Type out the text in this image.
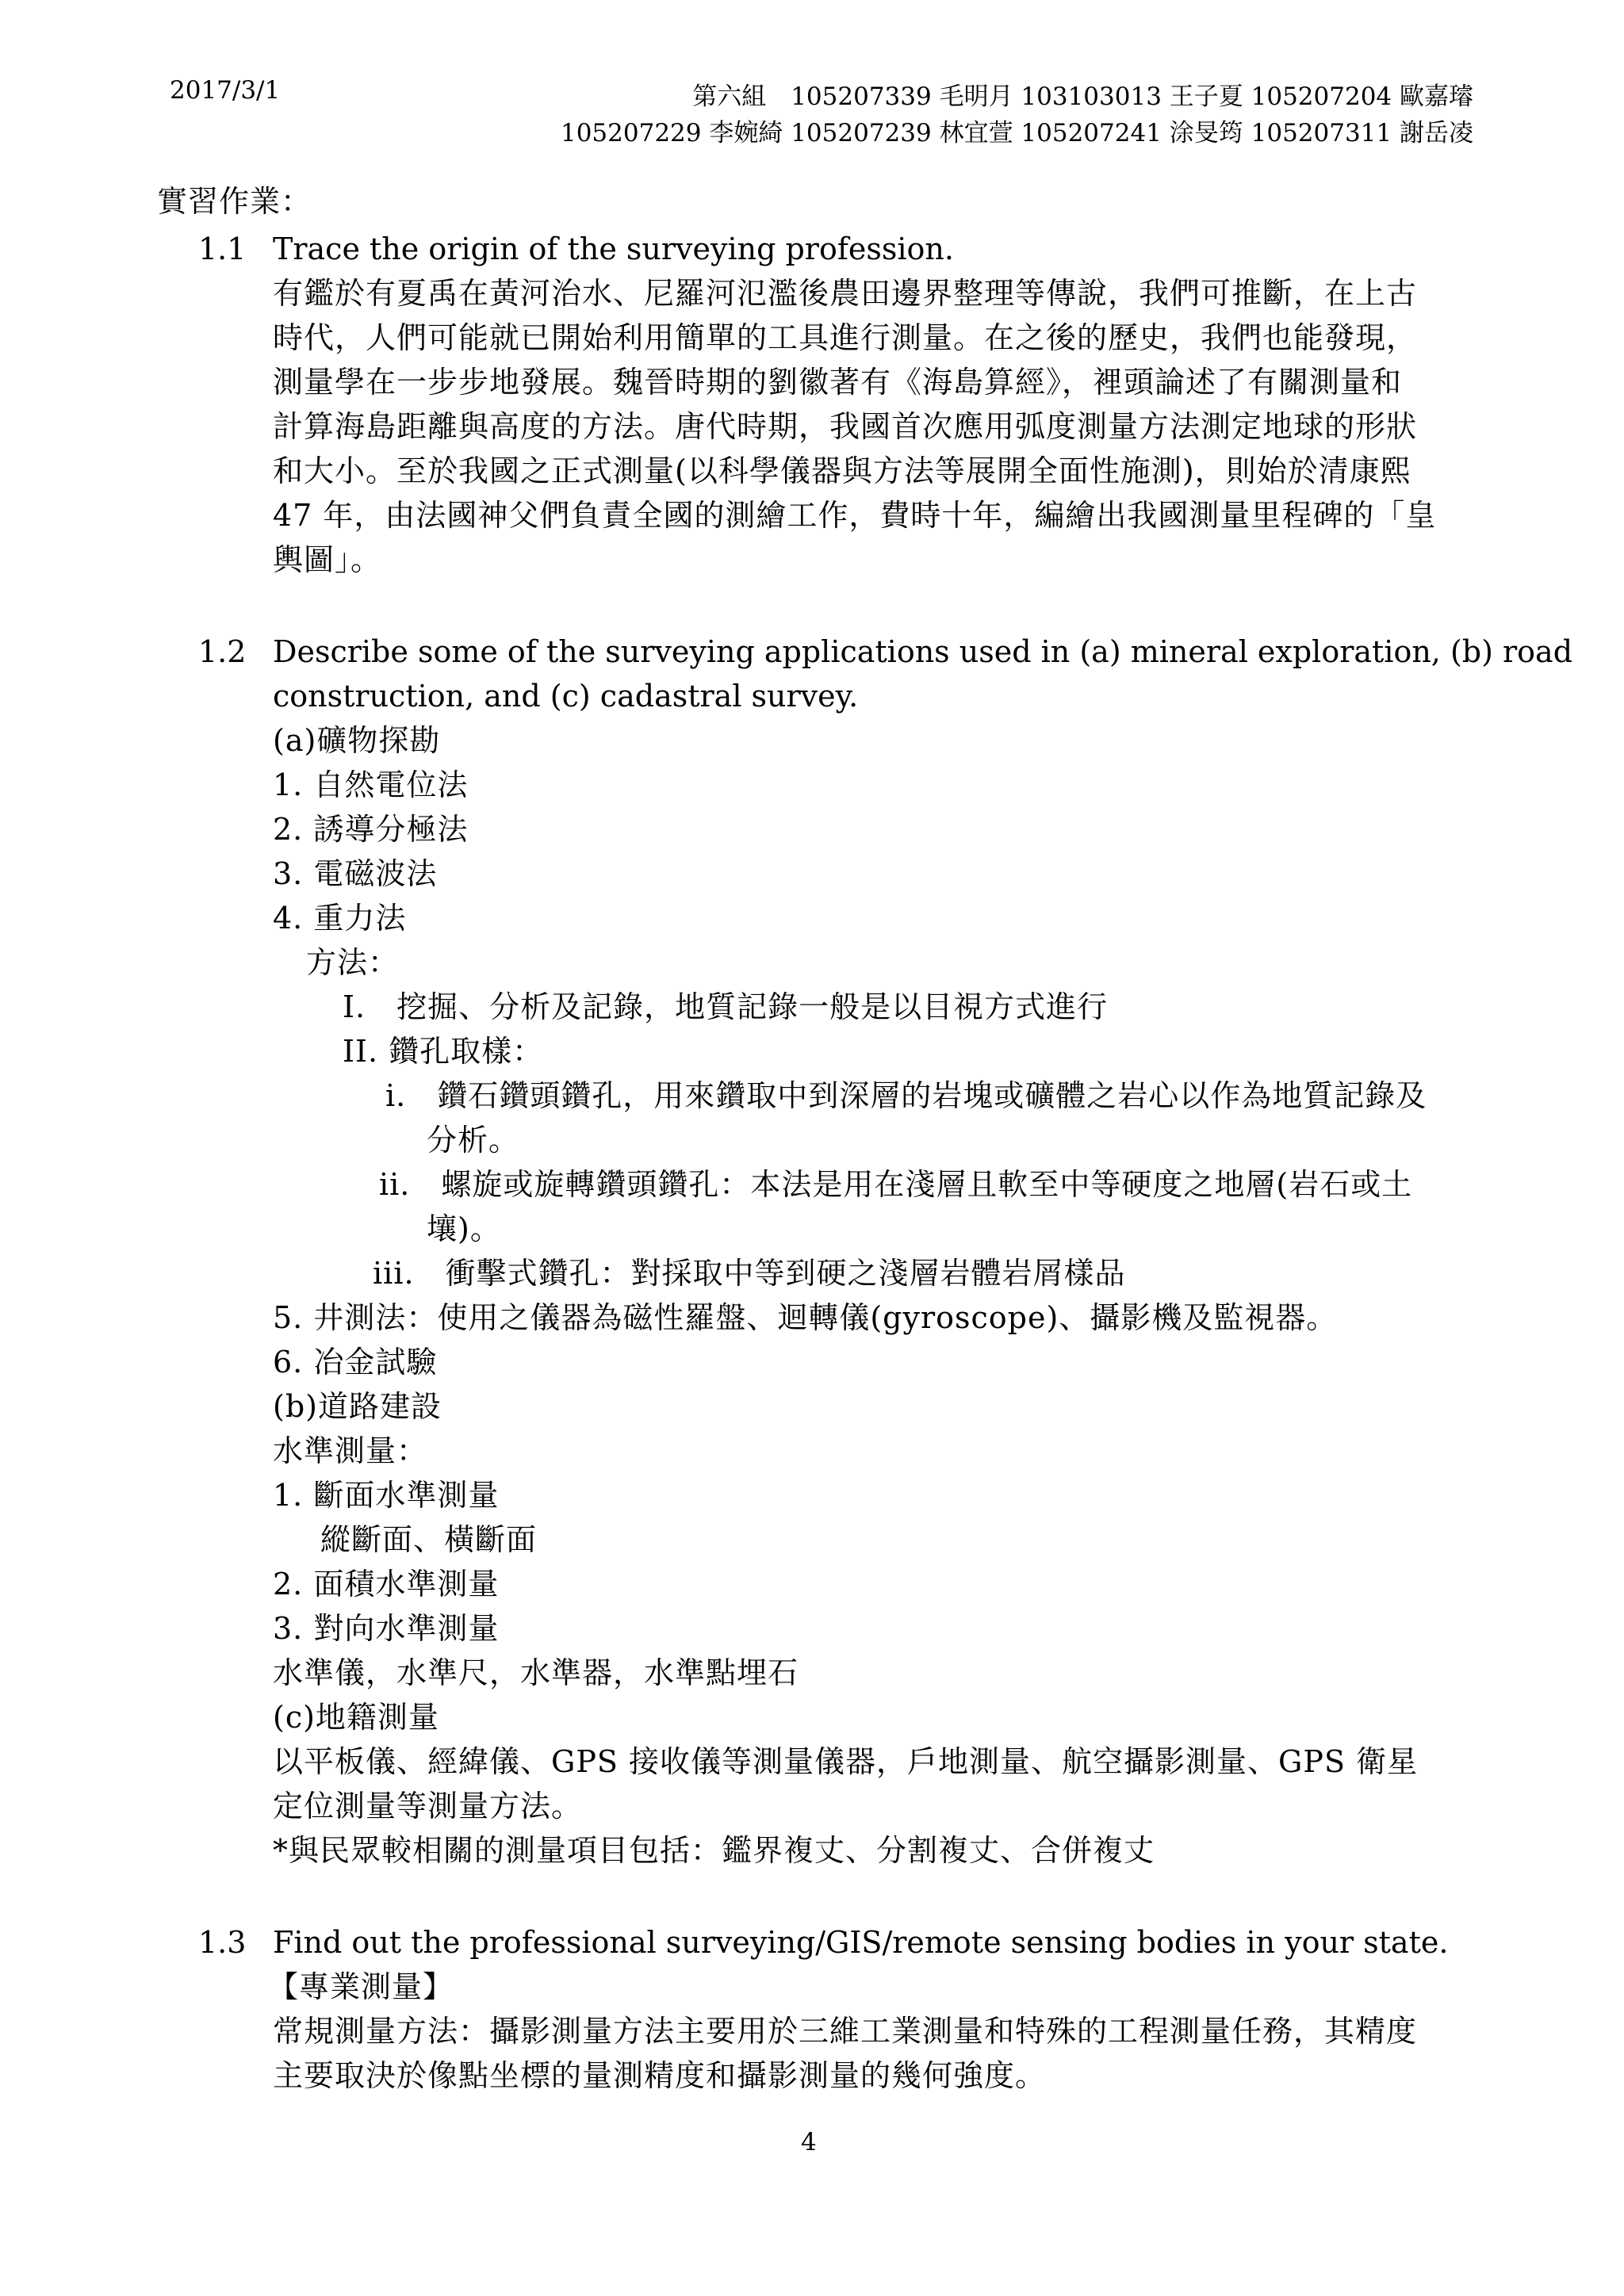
2017/3/1	第六組　105207339 毛明月 103103013 王子夏 105207204 歐嘉璿
105207229 李婉綺 105207239 林宜萱 105207241 涂旻筠 105207311 謝岳凌
實習作業：
1.1 Trace the origin of the surveying profession.
有鑑於有夏禹在黃河治水、尼羅河氾濫後農田邊界整理等傳說，我們可推斷，在上古
時代，人們可能就已開始利用簡單的工具進行測量。在之後的歷史，我們也能發現，
測量學在一步步地發展。魏晉時期的劉徽著有《海島算經》，裡頭論述了有關測量和
計算海島距離與高度的方法。唐代時期，我國首次應用弧度測量方法測定地球的形狀
和大小。至於我國之正式測量(以科學儀器與方法等展開全面性施測)，則始於清康熙
47 年，由法國神父們負責全國的測繪工作，費時十年，編繪出我國測量里程碑的「皇
輿圖」。
1.2 Describe some of the surveying applications used in (a) mineral exploration, (b) road
construction, and (c) cadastral survey.
(a)礦物探勘
1. 自然電位法
2. 誘導分極法
3. 電磁波法
4. 重力法
方法：
I.　挖掘、分析及記錄，地質記錄一般是以目視方式進行
II. 鑽孔取樣：
i.　鑽石鑽頭鑽孔，用來鑽取中到深層的岩塊或礦體之岩心以作為地質記錄及
分析。
ii.　螺旋或旋轉鑽頭鑽孔：本法是用在淺層且軟至中等硬度之地層(岩石或土
壤)。
iii.　衝擊式鑽孔：對採取中等到硬之淺層岩體岩屑樣品
5. 井測法：使用之儀器為磁性羅盤、迴轉儀(gyroscope)、攝影機及監視器。
6. 冶金試驗
(b)道路建設
水準測量：
1. 斷面水準測量
縱斷面、橫斷面
2. 面積水準測量
3. 對向水準測量
水準儀，水準尺，水準器，水準點埋石
(c)地籍測量
以平板儀、經緯儀、GPS 接收儀等測量儀器，戶地測量、航空攝影測量、GPS 衛星
定位測量等測量方法。
*與民眾較相關的測量項目包括：鑑界複丈、分割複丈、合併複丈
1.3 Find out the professional surveying/GIS/remote sensing bodies in your state.
【專業測量】
常規測量方法：攝影測量方法主要用於三維工業測量和特殊的工程測量任務，其精度
主要取決於像點坐標的量測精度和攝影測量的幾何強度。
4
